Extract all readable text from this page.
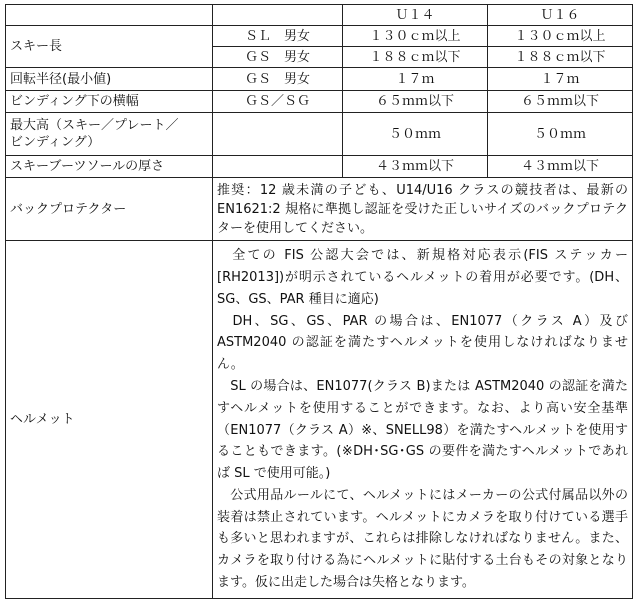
		Ｕ１４	Ｕ１６
スキー長	ＳＬ　男女	１３０ｃｍ以上	１３０ｃｍ以上
	ＧＳ　男女	１８８ｃｍ以下	１８８ｃｍ以下
回転半径(最小値)	ＧＳ　男女	１７ｍ	１７ｍ
ビンディング下の横幅	ＧＳ／ＳＧ	６５ｍｍ以下	６５ｍｍ以下
最大高（スキー／プレート／
ビンディング）		５０ｍｍ	５０ｍｍ
スキーブーツソールの厚さ		４３ｍｍ以下	４３ｍｍ以下
バックプロテクター	推奨：12 歳未満の子ども、U14/U16 クラスの競技者は、最新の EN1621:2 規格に準拠し認証を受けた正しいサイズのバックプロテクターを使用してください。		
ヘルメット	　全ての FIS 公認大会では、新規格対応表示(FIS ステッカー[RH2013])が明示されているヘルメットの着用が必要です。(DH、SG、GS、PAR 種目に適応)

　DH、SG、GS、PAR の場合は、EN1077（クラス A）及び ASTM2040 の認証を満たすヘルメットを使用しなければなりません。

　SL の場合は、EN1077(クラス B)または ASTM2040 の認証を満たすヘルメットを使用することができます。なお、より高い安全基準（EN1077（クラス A）※、SNELL98）を満たすヘルメットを使用することもできます。(※DH･SG･GS の要件を満たすヘルメットであれば SL で使用可能。)

　公式用品ルールにて、ヘルメットにはメーカーの公式付属品以外の装着は禁止されています。ヘルメットにカメラを取り付けている選手も多いと思われますが、これらは排除しなければなりません。また、カメラを取り付ける為にヘルメットに貼付する土台もその対象となります。仮に出走した場合は失格となります。		
